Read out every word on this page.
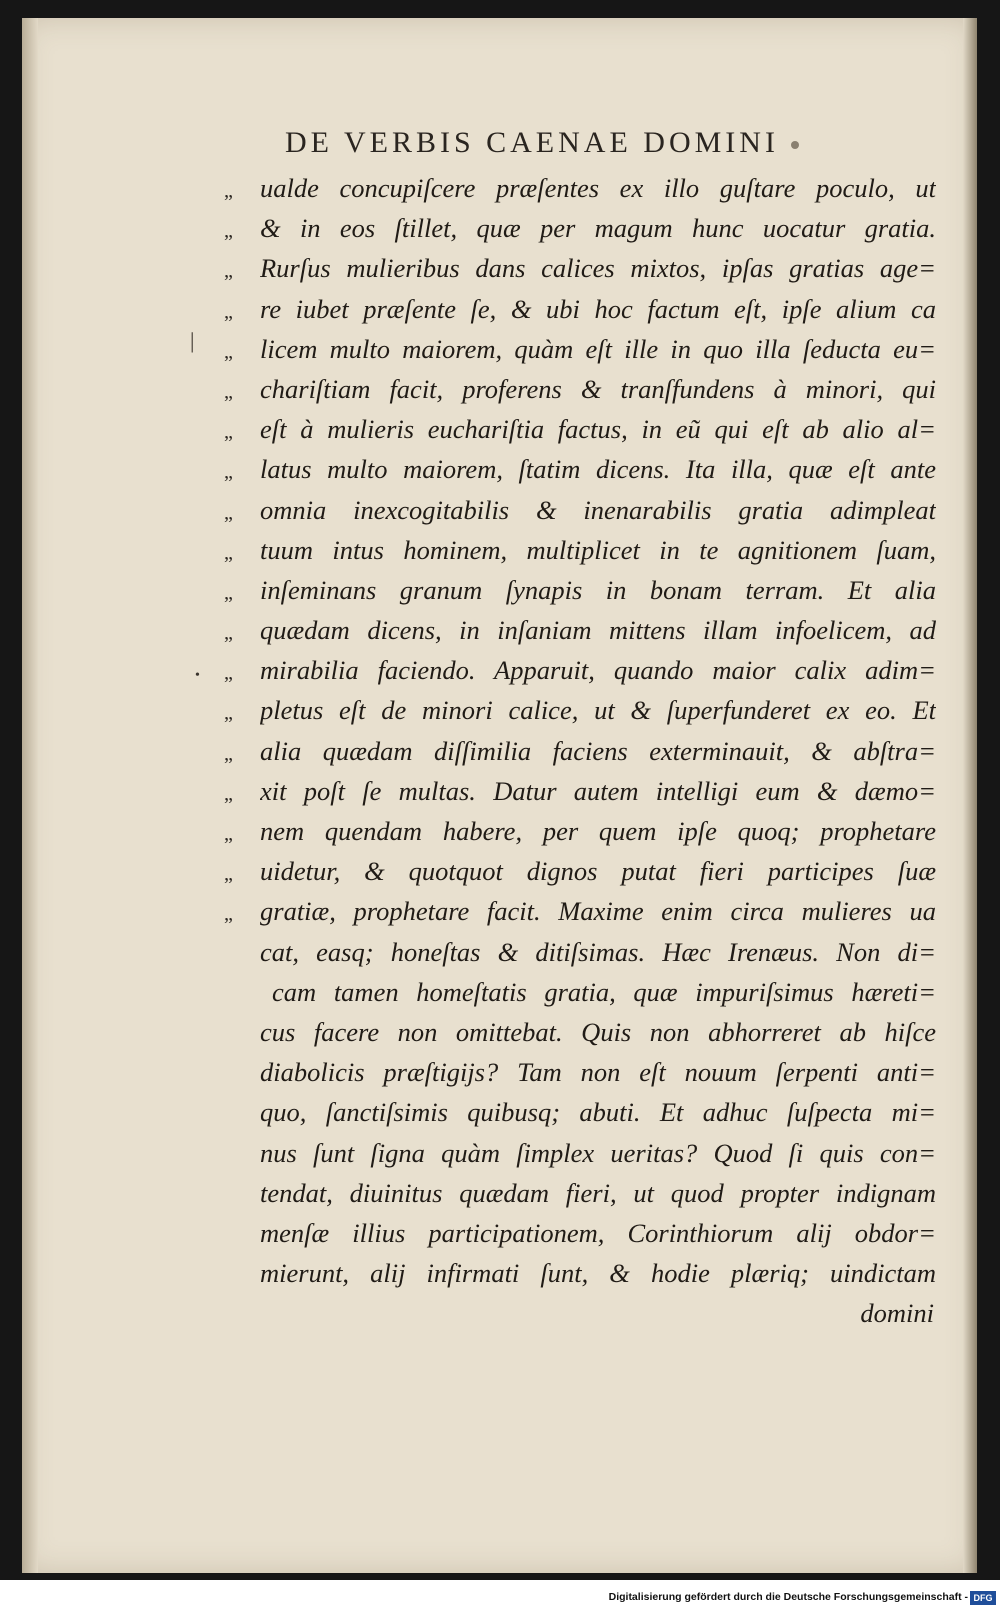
|
•
DE VERBIS CAENAE DOMINI
„	ualde concupiſcere præſentes ex illo guſtare poculo, ut
„	& in eos ſtillet, quæ per magum hunc uocatur gratia.
„	Rurſus mulieribus dans calices mixtos, ipſas gratias age=
„	re iubet præſente ſe, & ubi hoc factum eſt, ipſe alium ca
„	licem multo maiorem, quàm eſt ille in quo illa ſeducta eu=
„	chariſtiam facit, proferens & tranſfundens à minori, qui
„	eſt à mulieris euchariſtia factus, in eũ qui eſt ab alio al=
„	latus multo maiorem, ſtatim dicens. Ita illa, quæ eſt ante
„	omnia inexcogitabilis & inenarabilis gratia adimpleat
„	tuum intus hominem, multiplicet in te agnitionem ſuam,
„	inſeminans granum ſynapis in bonam terram. Et alia
„	quædam dicens, in inſaniam mittens illam infoelicem, ad
„	mirabilia faciendo. Apparuit, quando maior calix adim=
„	pletus eſt de minori calice, ut & ſuperfunderet ex eo. Et
„	alia quædam diſſimilia faciens exterminauit, & abſtra=
„	xit poſt ſe multas. Datur autem intelligi eum & dæmo=
„	nem quendam habere, per quem ipſe quoq; prophetare
„	uidetur, & quotquot dignos putat fieri participes ſuæ
„	gratiæ, prophetare facit. Maxime enim circa mulieres ua
cat, easq; honeſtas & ditiſsimas. Hæc Irenæus. Non di=
cam tamen homeſtatis gratia, quæ impuriſsimus hæreti=
cus facere non omittebat. Quis non abhorreret ab hiſce
diabolicis præſtigijs? Tam non eſt nouum ſerpenti anti=
quo, ſanctiſsimis quibusq; abuti. Et adhuc ſuſpecta mi=
nus ſunt ſigna quàm ſimplex ueritas? Quod ſi quis con=
tendat, diuinitus quædam fieri, ut quod propter indignam
menſæ illius participationem, Corinthiorum alij obdor=
mierunt, alij infirmati ſunt, & hodie plæriq; uindictam
domini
Digitalisierung gefördert durch die Deutsche Forschungsgemeinschaft - DFG
